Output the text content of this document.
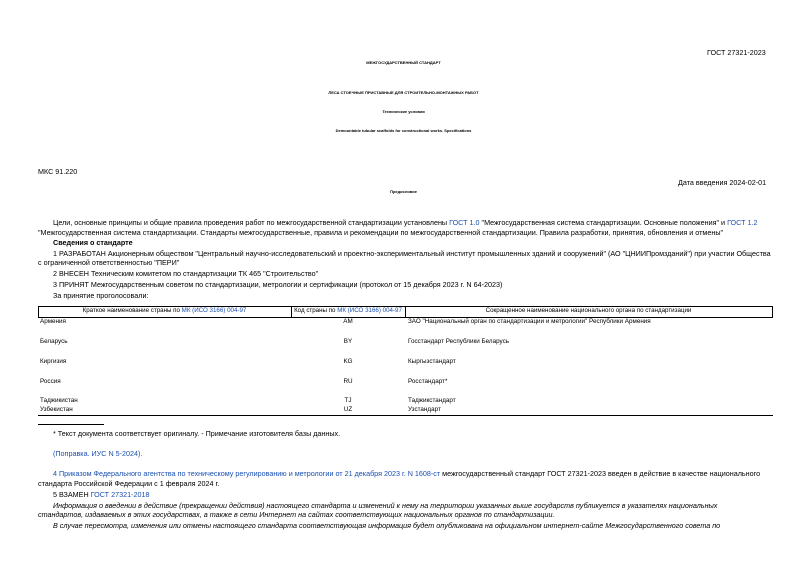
ГОСТ 27321-2023
МЕЖГОСУДАРСТВЕННЫЙ СТАНДАРТ
ЛЕСА СТОЕЧНЫЕ ПРИСТАВНЫЕ ДЛЯ СТРОИТЕЛЬНО-МОНТАЖНЫХ РАБОТ
Технические условия
Demountable tubular scaffolds for constructional works. Specifications
МКС 91.220
Дата введения 2024-02-01
Предисловие
Цели, основные принципы и общие правила проведения работ по межгосударственной стандартизации установлены ГОСТ 1.0 "Межгосударственная система стандартизации. Основные положения" и ГОСТ 1.2
"Межгосударственная система стандартизации. Стандарты межгосударственные, правила и рекомендации по межгосударственной стандартизации. Правила разработки, принятия, обновления и отмены"
Сведения о стандарте
1 РАЗРАБОТАН Акционерным обществом "Центральный научно-исследовательский и проектно-экспериментальный институт промышленных зданий и сооружений" (АО "ЦНИИПромзданий") при участии Общества
с ограниченной ответственностью "ПЕРИ"
2 ВНЕСЕН Техническим комитетом по стандартизации ТК 465 "Строительство"
3 ПРИНЯТ Межгосударственным советом по стандартизации, метрологии и сертификации (протокол от 15 декабря 2023 г. N 64-2023)
За принятие проголосовали:
Краткое наименование страны по МК (ИСО 3166) 004-97	Код страны по МК (ИСО 3166) 004-97	Сокращенное наименование национального органа по стандартизации
Армения	AM	ЗАО "Национальный орган по стандартизации и метрологии" Республики Армения
Беларусь	BY	Госстандарт Республики Беларусь
Киргизия	KG	Кыргызстандарт
Россия	RU	Росстандарт*
Таджикистан	TJ	Таджикстандарт
Узбекистан	UZ	Узстандарт
* Текст документа соответствует оригиналу. - Примечание изготовителя базы данных.
(Поправка. ИУС N 5-2024).
4 Приказом Федерального агентства по техническому регулированию и метрологии от 21 декабря 2023 г. N 1608-ст межгосударственный стандарт ГОСТ 27321-2023 введен в действие в качестве национального
стандарта Российской Федерации с 1 февраля 2024 г.
5 ВЗАМЕН ГОСТ 27321-2018
Информация о введении в действие (прекращении действия) настоящего стандарта и изменений к нему на территории указанных выше государств публикуется в указателях национальных
стандартов, издаваемых в этих государствах, а также в сети Интернет на сайтах соответствующих национальных органов по стандартизации.
В случае пересмотра, изменения или отмены настоящего стандарта соответствующая информация будет опубликована на официальном интернет-сайте Межгосударственного совета по
